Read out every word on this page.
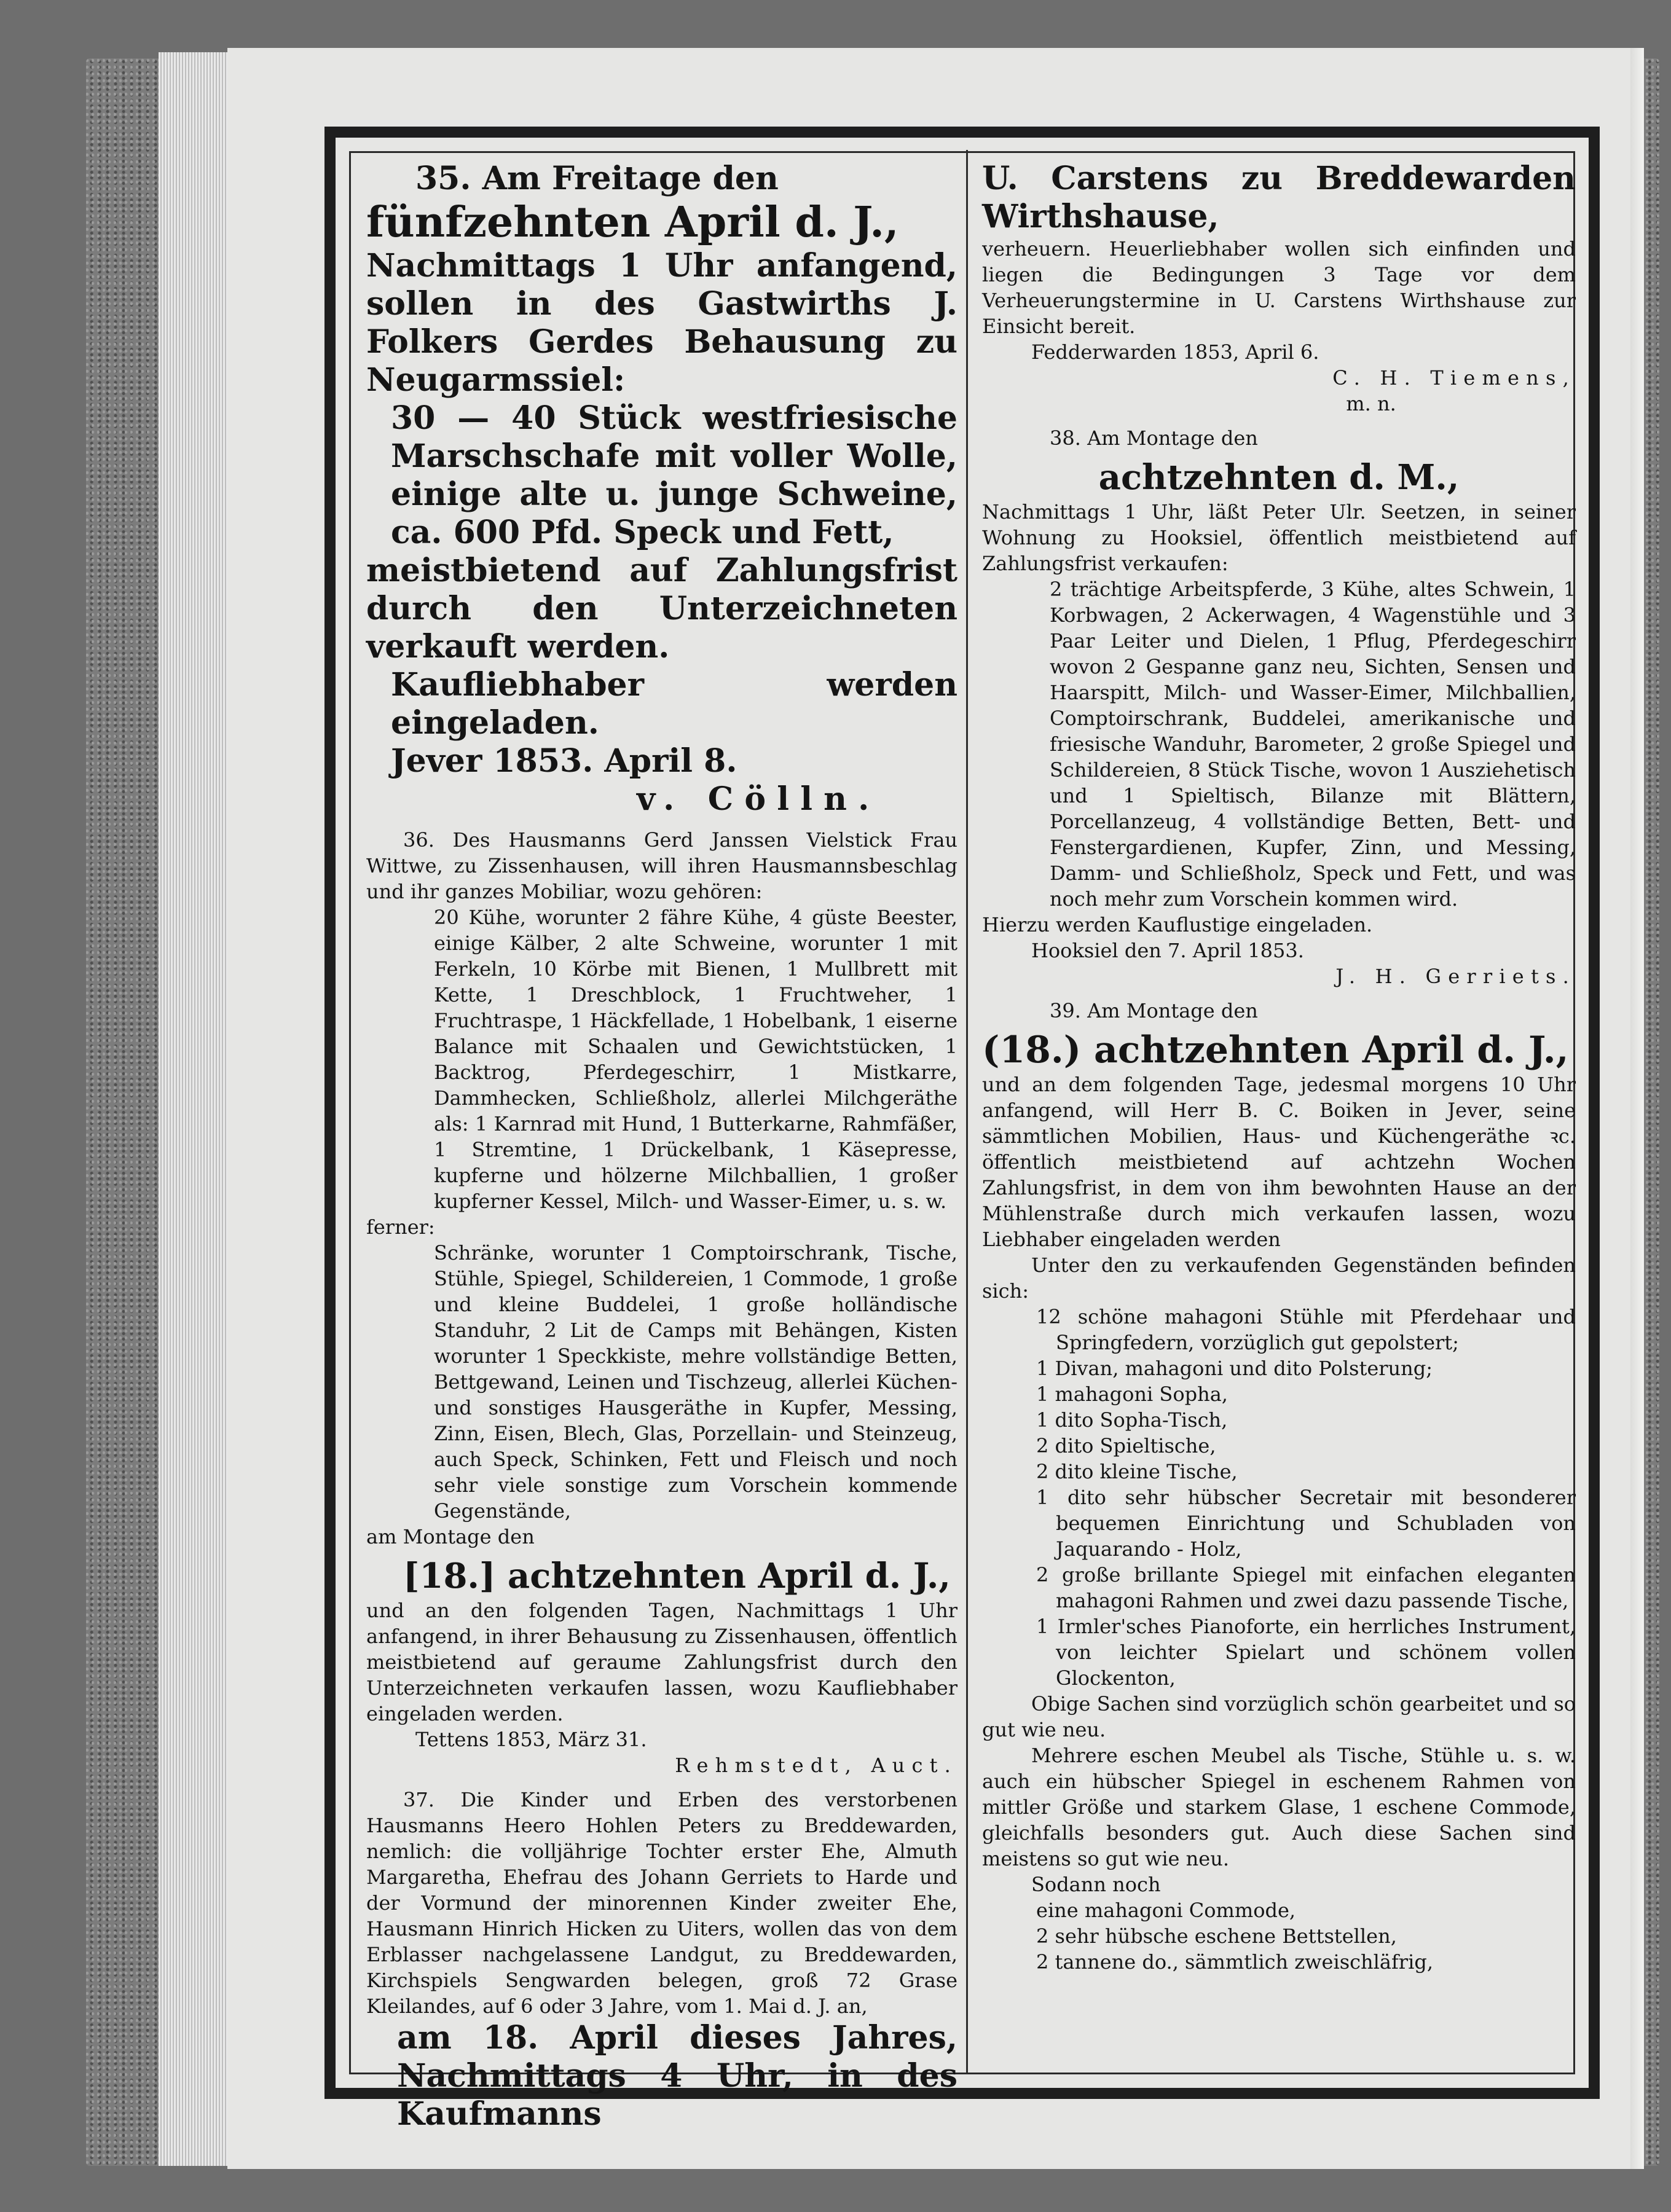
35. Am Freitage den
fünfzehnten April d. J.,
Nachmittags 1 Uhr anfangend, sollen in des Gastwirths J. Folkers Gerdes Behausung zu Neugarmssiel:
30 — 40 Stück westfriesische Marschschafe mit voller Wolle, einige alte u. junge Schweine, ca. 600 Pfd. Speck und Fett,
meistbietend auf Zahlungsfrist durch den Unterzeichneten verkauft werden.
Kaufliebhaber werden eingeladen.
Jever 1853. April 8.
v. Cölln.
36. Des Hausmanns Gerd Janssen Vielstick Frau Wittwe, zu Zissenhausen, will ihren Hausmannsbeschlag und ihr ganzes Mobiliar, wozu gehören:
20 Kühe, worunter 2 fähre Kühe, 4 güste Beester, einige Kälber, 2 alte Schweine, worunter 1 mit Ferkeln, 10 Körbe mit Bienen, 1 Mullbrett mit Kette, 1 Dreschblock, 1 Fruchtweher, 1 Fruchtraspe, 1 Häckfellade, 1 Hobelbank, 1 eiserne Balance mit Schaalen und Gewichtstücken, 1 Backtrog, Pferdegeschirr, 1 Mistkarre, Dammhecken, Schließholz, allerlei Milchgeräthe als: 1 Karnrad mit Hund, 1 Butterkarne, Rahmfäßer, 1 Stremtine, 1 Drückelbank, 1 Käsepresse, kupferne und hölzerne Milchballien, 1 großer kupferner Kessel, Milch- und Wasser-Eimer, u. s. w.
ferner:
Schränke, worunter 1 Comptoirschrank, Tische, Stühle, Spiegel, Schildereien, 1 Commode, 1 große und kleine Buddelei, 1 große holländische Standuhr, 2 Lit de Camps mit Behängen, Kisten worunter 1 Speckkiste, mehre vollständige Betten, Bettgewand, Leinen und Tischzeug, allerlei Küchen- und sonstiges Hausgeräthe in Kupfer, Messing, Zinn, Eisen, Blech, Glas, Porzellain- und Steinzeug, auch Speck, Schinken, Fett und Fleisch und noch sehr viele sonstige zum Vorschein kommende Gegenstände,
am Montage den
[18.] achtzehnten April d. J.,
und an den folgenden Tagen, Nachmittags 1 Uhr anfangend, in ihrer Behausung zu Zissenhausen, öffentlich meistbietend auf geraume Zahlungsfrist durch den Unterzeichneten verkaufen lassen, wozu Kaufliebhaber eingeladen werden.
Tettens 1853, März 31.
Rehmstedt, Auct.
37. Die Kinder und Erben des verstorbenen Hausmanns Heero Hohlen Peters zu Breddewarden, nemlich: die volljährige Tochter erster Ehe, Almuth Margaretha, Ehefrau des Johann Gerriets to Harde und der Vormund der minorennen Kinder zweiter Ehe, Hausmann Hinrich Hicken zu Uiters, wollen das von dem Erblasser nachgelassene Landgut, zu Breddewarden, Kirchspiels Sengwarden belegen, groß 72 Grase Kleilandes, auf 6 oder 3 Jahre, vom 1. Mai d. J. an,
am 18. April dieses Jahres, Nachmittags 4 Uhr, in des Kaufmanns
U. Carstens zu Breddewarden Wirthshause,
verheuern. Heuerliebhaber wollen sich einfinden und liegen die Bedingungen 3 Tage vor dem Verheuerungstermine in U. Carstens Wirthshause zur Einsicht bereit.
Fedderwarden 1853, April 6.
C. H. Tiemens,
m. n.
38. Am Montage den
achtzehnten d. M.,
Nachmittags 1 Uhr, läßt Peter Ulr. Seetzen, in seiner Wohnung zu Hooksiel, öffentlich meistbietend auf Zahlungsfrist verkaufen:
2 trächtige Arbeitspferde, 3 Kühe, altes Schwein, 1 Korbwagen, 2 Ackerwagen, 4 Wagenstühle und 3 Paar Leiter und Dielen, 1 Pflug, Pferdegeschirr wovon 2 Gespanne ganz neu, Sichten, Sensen und Haarspitt, Milch- und Wasser-Eimer, Milchballien, Comptoirschrank, Buddelei, amerikanische und friesische Wanduhr, Barometer, 2 große Spiegel und Schildereien, 8 Stück Tische, wovon 1 Ausziehetisch und 1 Spieltisch, Bilanze mit Blättern, Porcellanzeug, 4 vollständige Betten, Bett- und Fenstergardienen, Kupfer, Zinn, und Messing, Damm- und Schließholz, Speck und Fett, und was noch mehr zum Vorschein kommen wird.
Hierzu werden Kauflustige eingeladen.
Hooksiel den 7. April 1853.
J. H. Gerriets.
39. Am Montage den
(18.) achtzehnten April d. J.,
und an dem folgenden Tage, jedesmal morgens 10 Uhr anfangend, will Herr B. C. Boiken in Jever, seine sämmtlichen Mobilien, Haus- und Küchengeräthe ꝛc. öffentlich meistbietend auf achtzehn Wochen Zahlungsfrist, in dem von ihm bewohnten Hause an der Mühlenstraße durch mich verkaufen lassen, wozu Liebhaber eingeladen werden
Unter den zu verkaufenden Gegenständen befinden sich:
12 schöne mahagoni Stühle mit Pferdehaar und Springfedern, vorzüglich gut gepolstert;
1 Divan, mahagoni und dito Polsterung;
1 mahagoni Sopha,
1 dito Sopha-Tisch,
2 dito Spieltische,
2 dito kleine Tische,
1 dito sehr hübscher Secretair mit besonderer bequemen Einrichtung und Schubladen von Jaquarando - Holz,
2 große brillante Spiegel mit einfachen eleganten mahagoni Rahmen und zwei dazu passende Tische,
1 Irmler'sches Pianoforte, ein herrliches Instrument, von leichter Spielart und schönem vollen Glockenton,
Obige Sachen sind vorzüglich schön gearbeitet und so gut wie neu.
Mehrere eschen Meubel als Tische, Stühle u. s. w. auch ein hübscher Spiegel in eschenem Rahmen von mittler Größe und starkem Glase, 1 eschene Commode, gleichfalls besonders gut. Auch diese Sachen sind meistens so gut wie neu.
Sodann noch
eine mahagoni Commode,
2 sehr hübsche eschene Bettstellen,
2 tannene do., sämmtlich zweischläfrig,
